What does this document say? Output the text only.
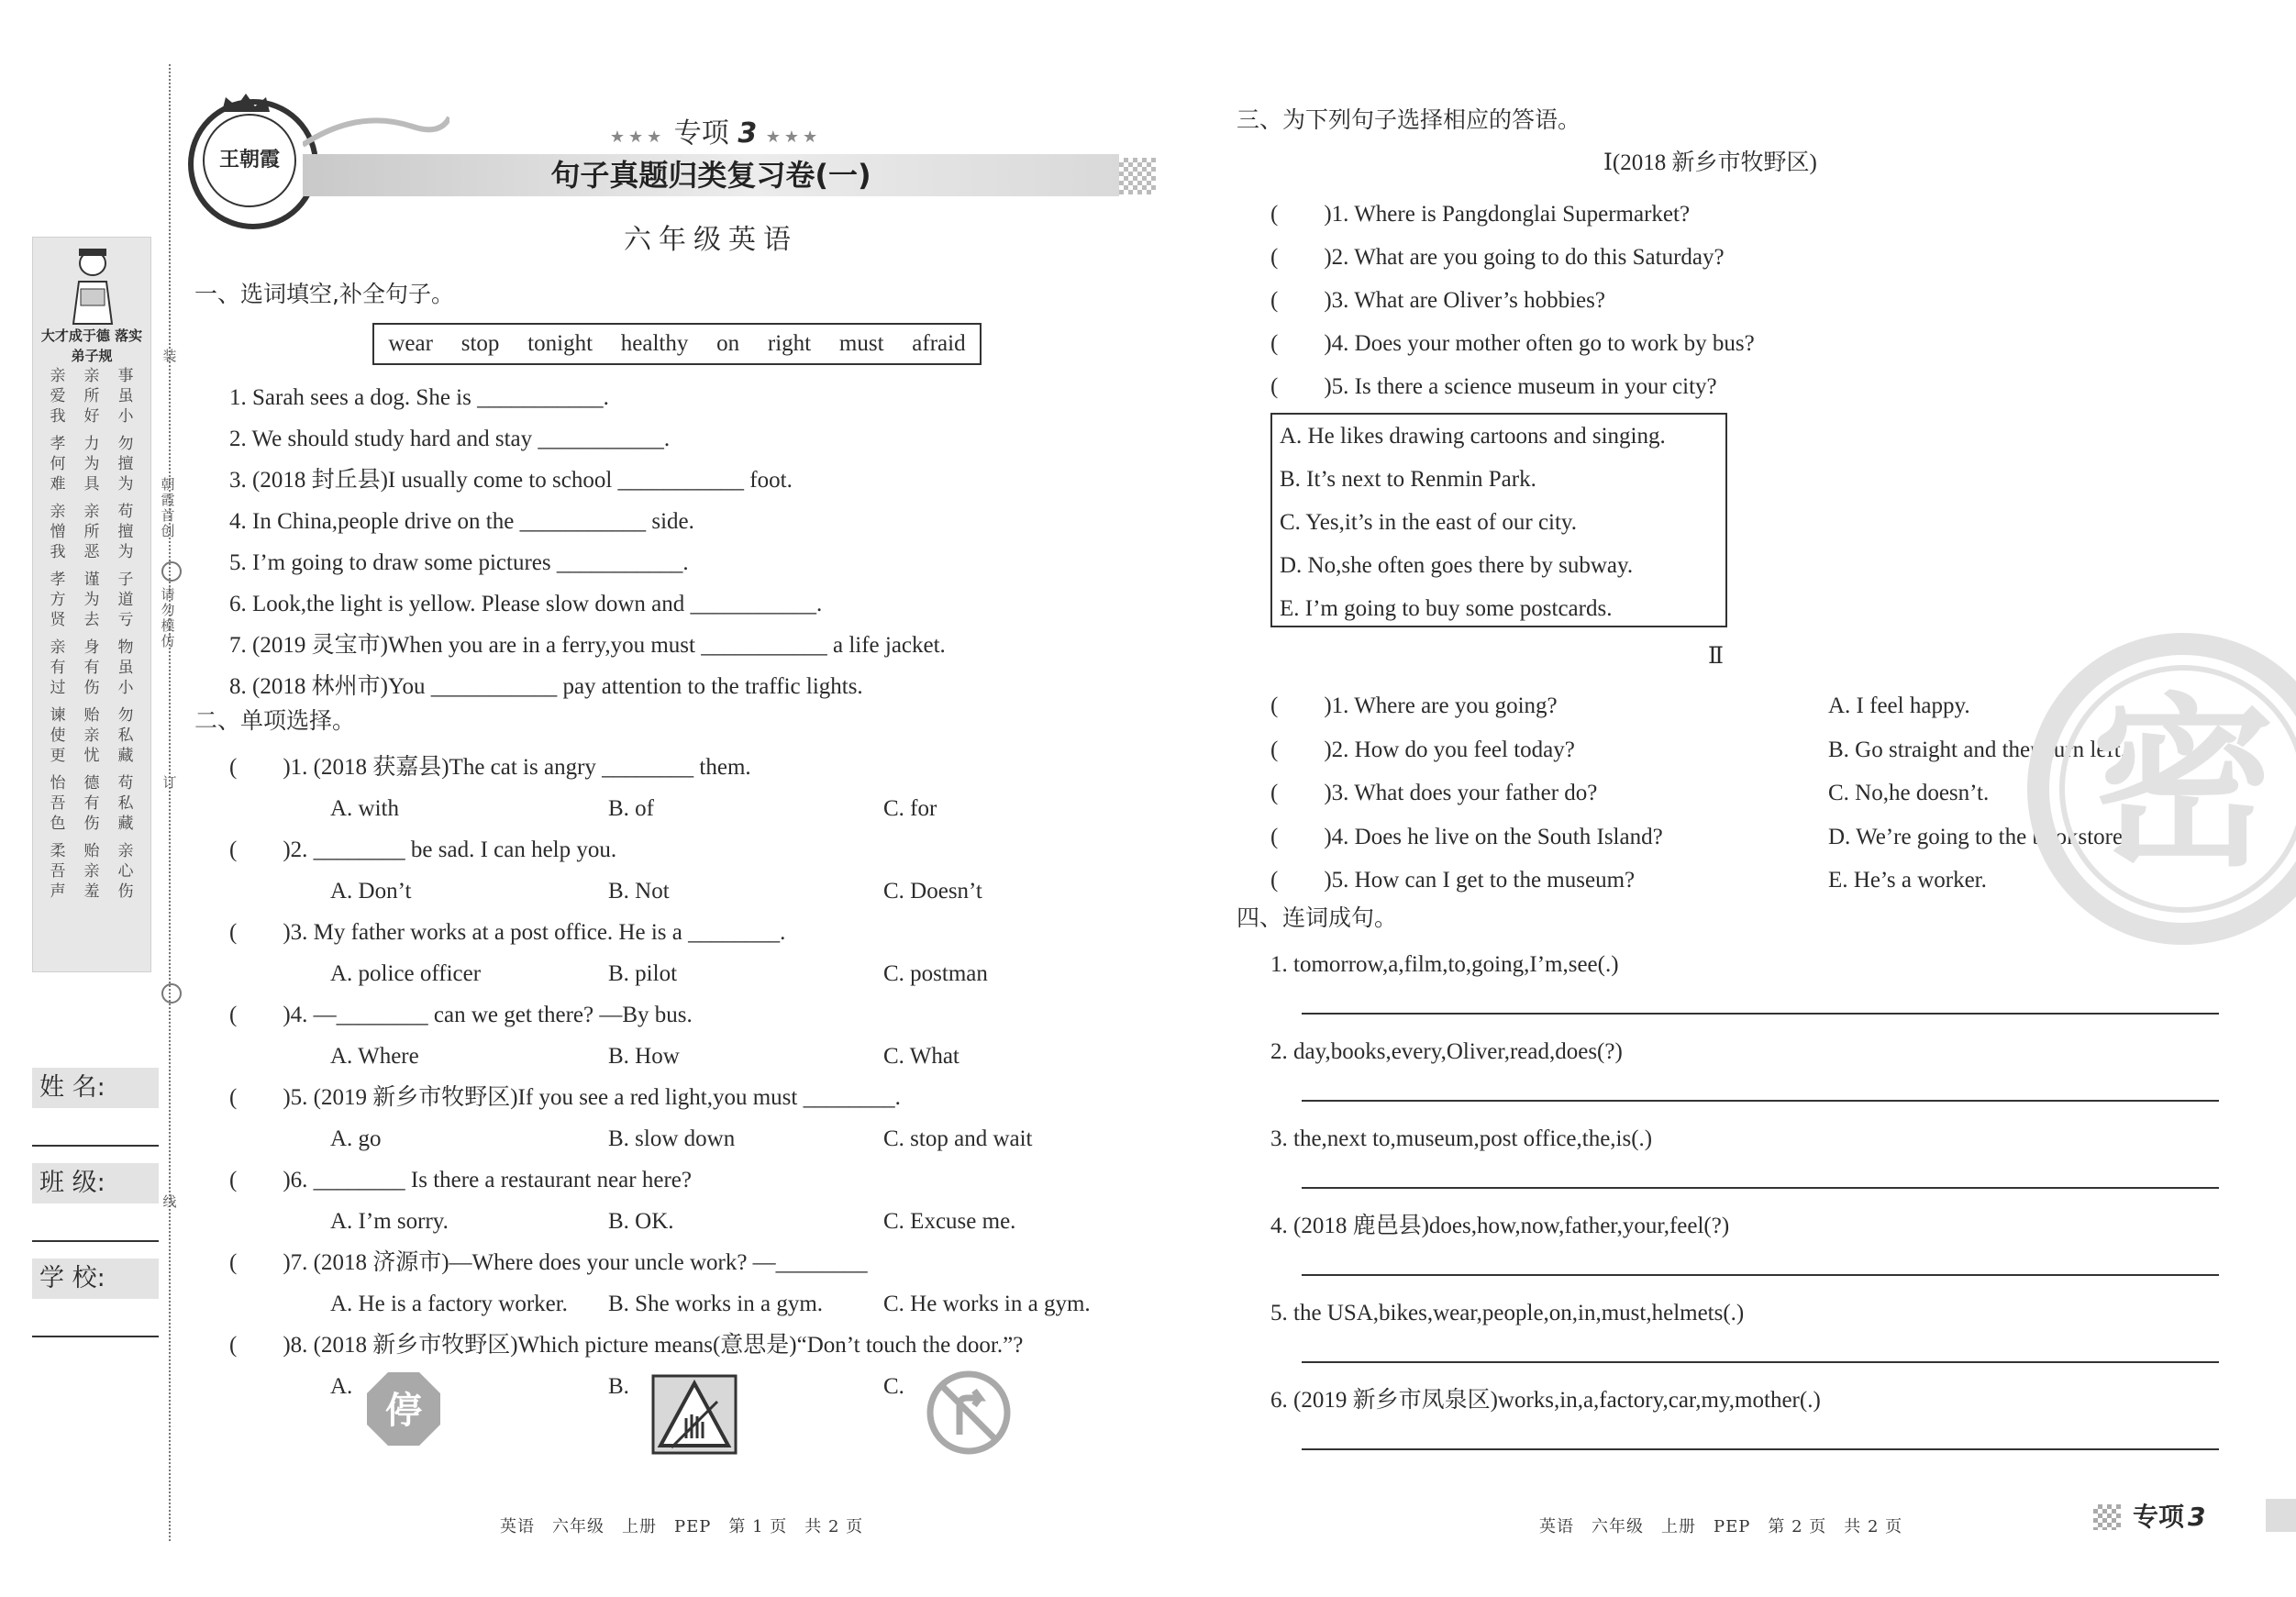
大才成于德 落实弟子规
亲爱我
亲所好
事虽小
孝何难
力为具
勿擅为
亲憎我
亲所恶
苟擅为
孝方贤
谨为去
子道亏
亲有过
身有伤
物虽小
谏使更
贻亲忧
勿私藏
怡吾色
德有伤
苟私藏
柔吾声
贻亲羞
亲心伤
装
朝霞首创
请勿模仿
订
线
姓 名:
班 级:
学 校:
王朝霞
★★★ 专项 3 ★★★
句子真题归类复习卷(一)
六年级英语
一、选词填空,补全句子。
wear stop tonight healthy on right must afraid
1. Sarah sees a dog. She is ___________.
2. We should study hard and stay ___________.
3. (2018 封丘县)I usually come to school ___________ foot.
4. In China,people drive on the ___________ side.
5. I’m going to draw some pictures ___________.
6. Look,the light is yellow. Please slow down and ___________.
7. (2019 灵宝市)When you are in a ferry,you must ___________ a life jacket.
8. (2018 林州市)You ___________ pay attention to the traffic lights.
二、单项选择。
(　　)1. (2018 获嘉县)The cat is angry ________ them.
A. with	B. of	C. for
(　　)2. ________ be sad. I can help you.
A. Don’t	B. Not	C. Doesn’t
(　　)3. My father works at a post office. He is a ________.
A. police officer	B. pilot	C. postman
(　　)4. —________ can we get there? —By bus.
A. Where	B. How	C. What
(　　)5. (2019 新乡市牧野区)If you see a red light,you must ________.
A. go	B. slow down	C. stop and wait
(　　)6. ________ Is there a restaurant near here?
A. I’m sorry.	B. OK.	C. Excuse me.
(　　)7. (2018 济源市)—Where does your uncle work? —________
A. He is a factory worker. B. She works in a gym.	C. He works in a gym.
(　　)8. (2018 新乡市牧野区)Which picture means(意思是)“Don’t touch the door.”?
A.	B.	C.
停
三、为下列句子选择相应的答语。
Ⅰ(2018 新乡市牧野区)
(　　)1. Where is Pangdonglai Supermarket?
(　　)2. What are you going to do this Saturday?
(　　)3. What are Oliver’s hobbies?
(　　)4. Does your mother often go to work by bus?
(　　)5. Is there a science museum in your city?
A. He likes drawing cartoons and singing.
B. It’s next to Renmin Park.
C. Yes,it’s in the east of our city.
D. No,she often goes there by subway.
E. I’m going to buy some postcards.
Ⅱ
(　　)1. Where are you going?	A. I feel happy.
(　　)2. How do you feel today?	B. Go straight and then turn left.
(　　)3. What does your father do?	C. No,he doesn’t.
(　　)4. Does he live on the South Island?	D. We’re going to the bookstore.
(　　)5. How can I get to the museum?	E. He’s a worker.
四、连词成句。
1. tomorrow,a,film,to,going,I’m,see(.)
2. day,books,every,Oliver,read,does(?)
3. the,next to,museum,post office,the,is(.)
4. (2018 鹿邑县)does,how,now,father,your,feel(?)
5. the USA,bikes,wear,people,on,in,must,helmets(.)
6. (2019 新乡市凤泉区)works,in,a,factory,car,my,mother(.)
密
英语　六年级　上册　PEP　第 1 页　共 2 页	英语　六年级　上册　PEP　第 2 页　共 2 页	专项 3
